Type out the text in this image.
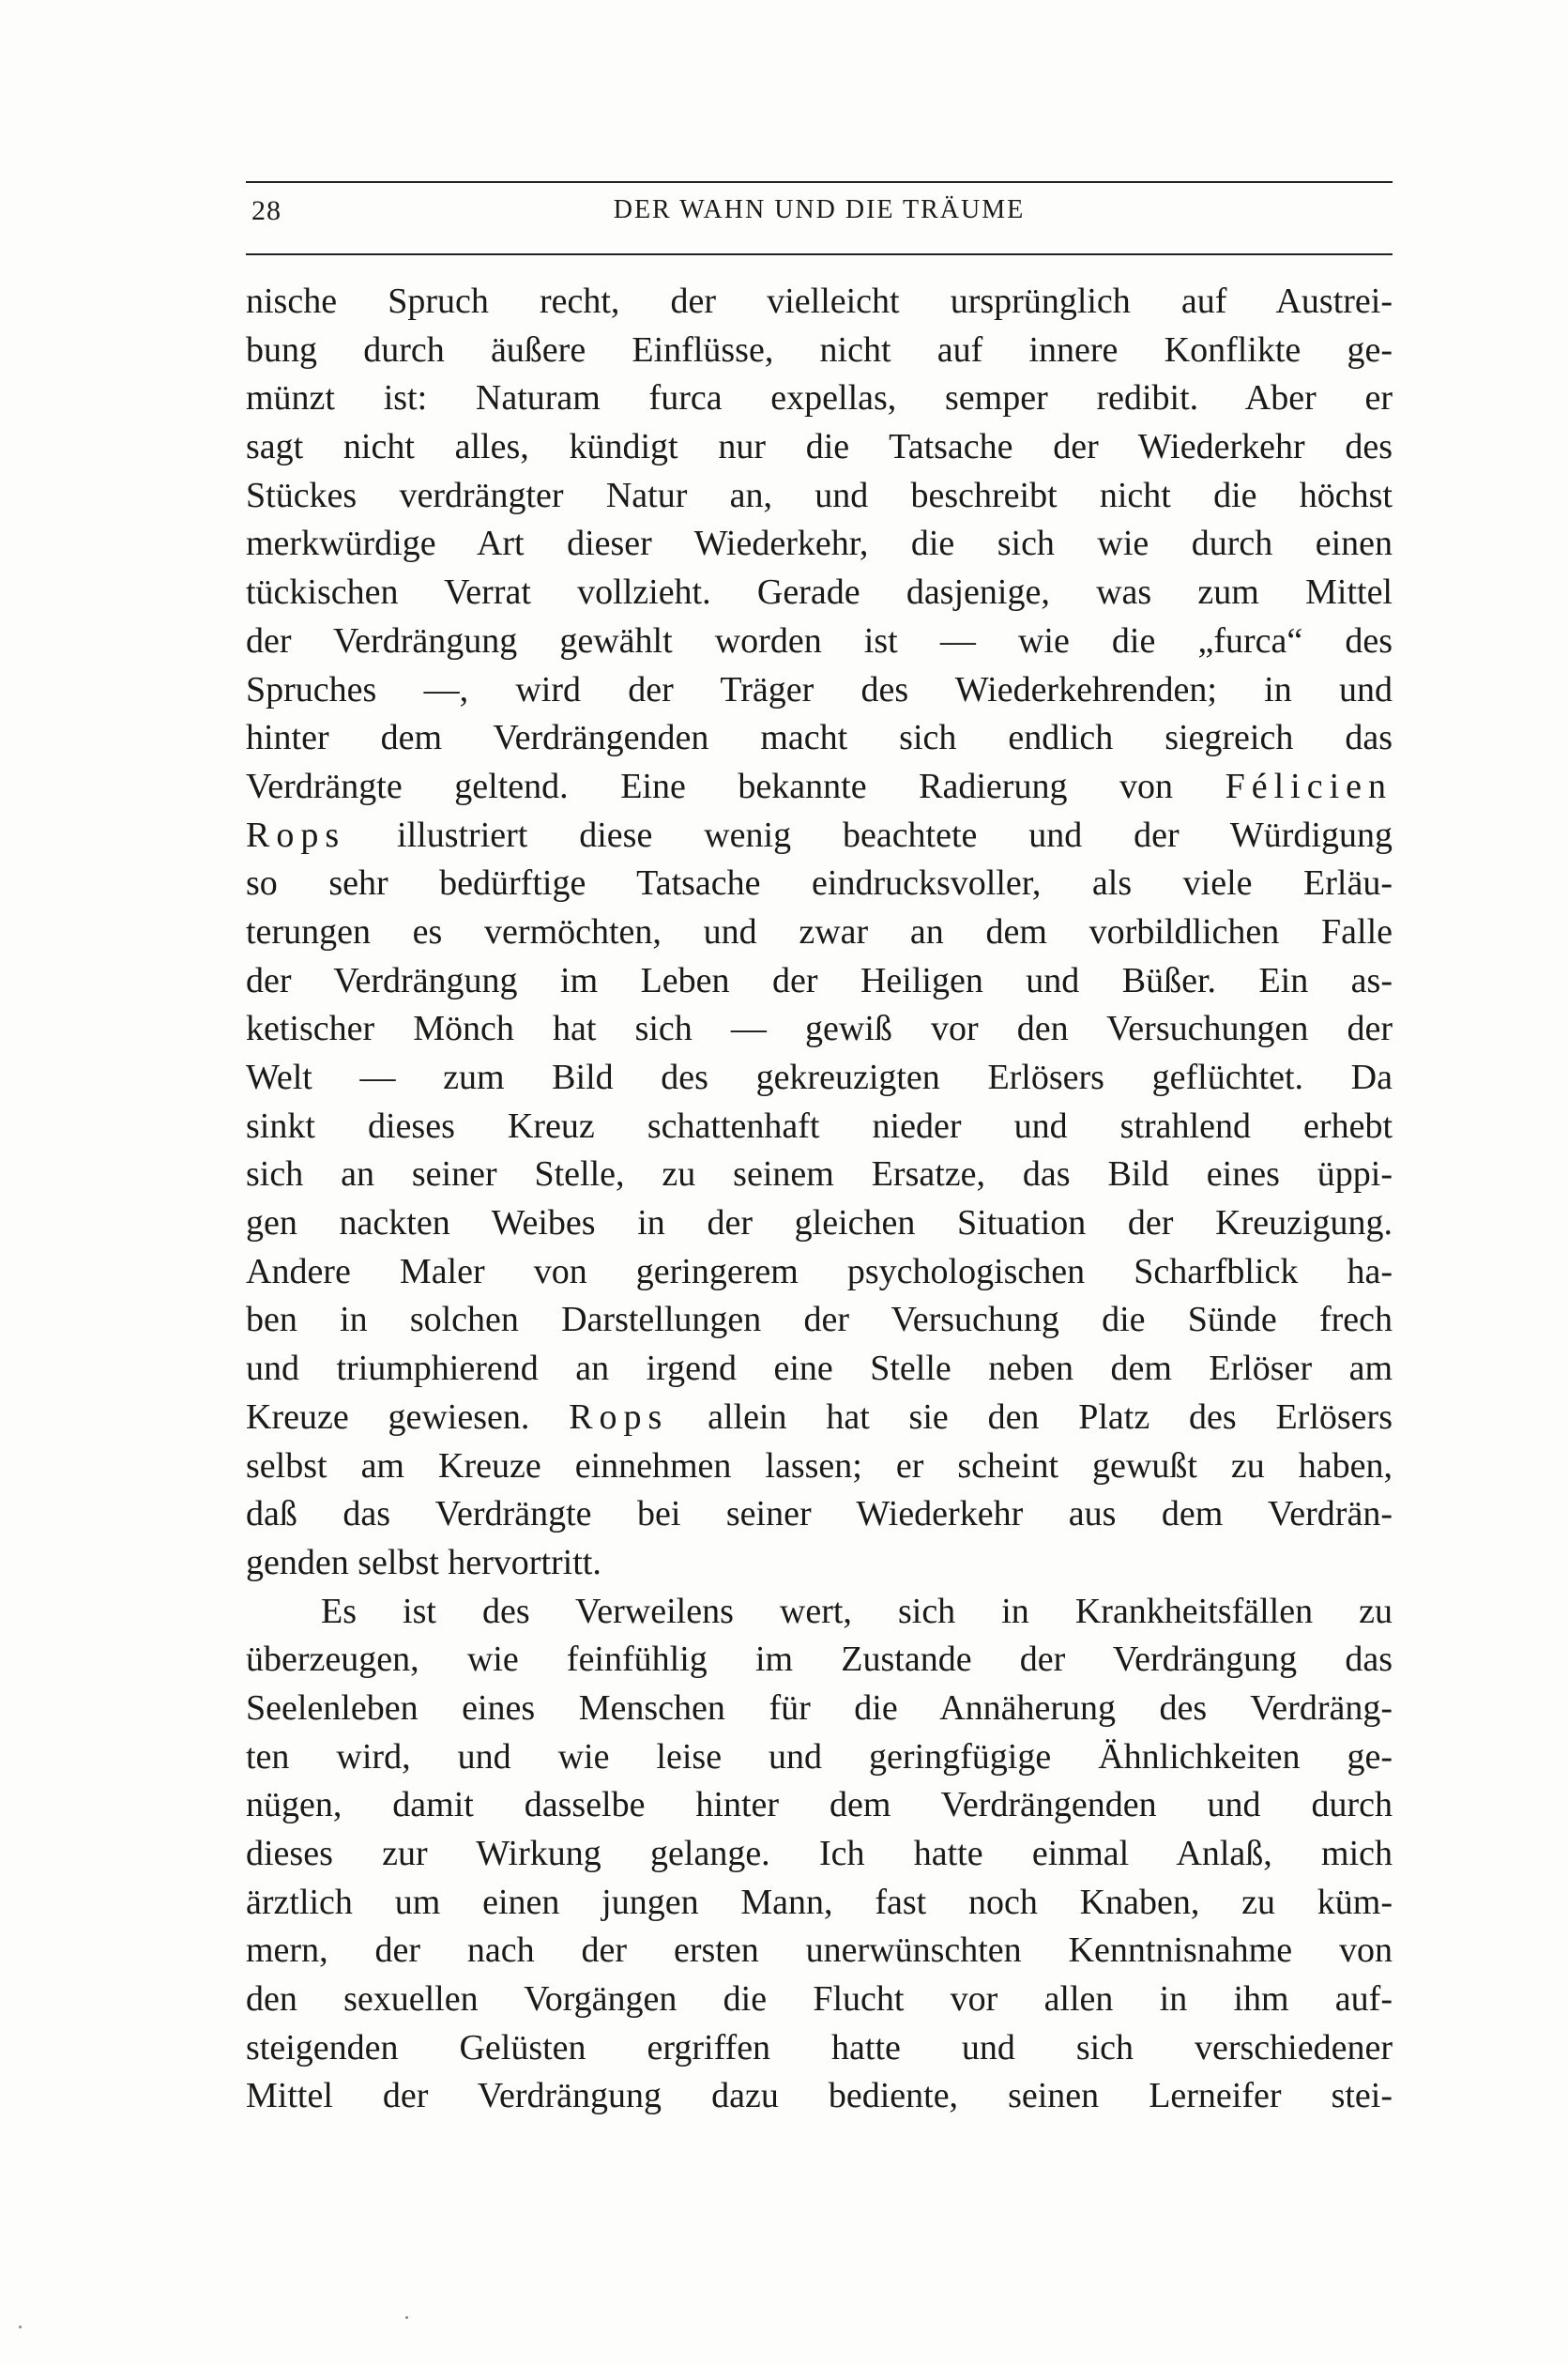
28	DER WAHN UND DIE TRÄUME
nische Spruch recht, der vielleicht ursprünglich auf Austrei-
bung durch äußere Einflüsse, nicht auf innere Konflikte ge-
münzt ist: Naturam furca expellas, semper redibit. Aber er
sagt nicht alles, kündigt nur die Tatsache der Wiederkehr des
Stückes verdrängter Natur an, und beschreibt nicht die höchst
merkwürdige Art dieser Wiederkehr, die sich wie durch einen
tückischen Verrat vollzieht. Gerade dasjenige, was zum Mittel
der Verdrängung gewählt worden ist — wie die „furca“ des
Spruches —, wird der Träger des Wiederkehrenden; in und
hinter dem Verdrängenden macht sich endlich siegreich das
Verdrängte geltend. Eine bekannte Radierung von Félicien
Rops illustriert diese wenig beachtete und der Würdigung
so sehr bedürftige Tatsache eindrucksvoller, als viele Erläu-
terungen es vermöchten, und zwar an dem vorbildlichen Falle
der Verdrängung im Leben der Heiligen und Büßer. Ein as-
ketischer Mönch hat sich — gewiß vor den Versuchungen der
Welt — zum Bild des gekreuzigten Erlösers geflüchtet. Da
sinkt dieses Kreuz schattenhaft nieder und strahlend erhebt
sich an seiner Stelle, zu seinem Ersatze, das Bild eines üppi-
gen nackten Weibes in der gleichen Situation der Kreuzigung.
Andere Maler von geringerem psychologischen Scharfblick ha-
ben in solchen Darstellungen der Versuchung die Sünde frech
und triumphierend an irgend eine Stelle neben dem Erlöser am
Kreuze gewiesen. Rops allein hat sie den Platz des Erlösers
selbst am Kreuze einnehmen lassen; er scheint gewußt zu haben,
daß das Verdrängte bei seiner Wiederkehr aus dem Verdrän-
genden selbst hervortritt.
Es ist des Verweilens wert, sich in Krankheitsfällen zu
überzeugen, wie feinfühlig im Zustande der Verdrängung das
Seelenleben eines Menschen für die Annäherung des Verdräng-
ten wird, und wie leise und geringfügige Ähnlichkeiten ge-
nügen, damit dasselbe hinter dem Verdrängenden und durch
dieses zur Wirkung gelange. Ich hatte einmal Anlaß, mich
ärztlich um einen jungen Mann, fast noch Knaben, zu küm-
mern, der nach der ersten unerwünschten Kenntnisnahme von
den sexuellen Vorgängen die Flucht vor allen in ihm auf-
steigenden Gelüsten ergriffen hatte und sich verschiedener
Mittel der Verdrängung dazu bediente, seinen Lerneifer stei-
